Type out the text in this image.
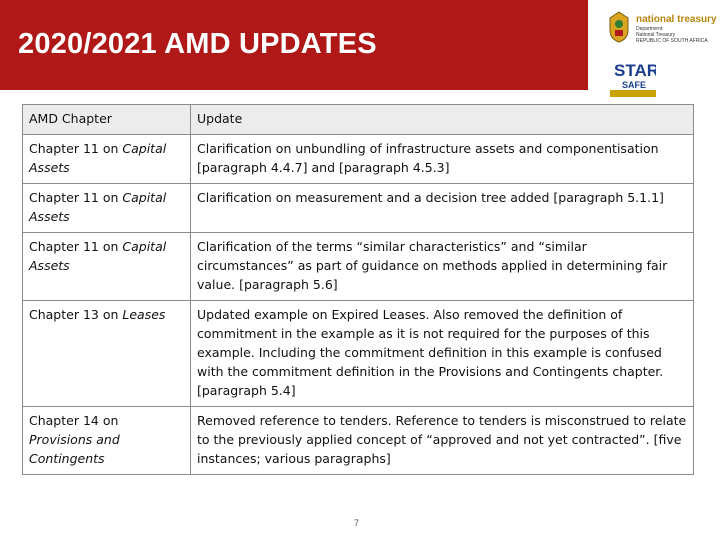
2020/2021 AMD UPDATES
national treasury
Department:
National Treasury
REPUBLIC OF SOUTH AFRICA
STAR
SAFE
AMD Chapter	Update
Chapter 11 on Capital Assets	Clarification on unbundling of infrastructure assets and componentisation [paragraph 4.4.7] and [paragraph 4.5.3]
Chapter 11 on Capital Assets	Clarification on measurement and a decision tree added [paragraph 5.1.1]
Chapter 11 on Capital Assets	Clarification of the terms “similar characteristics” and “similar circumstances” as part of guidance on methods applied in determining fair value. [paragraph 5.6]
Chapter 13 on Leases	Updated example on Expired Leases. Also removed the definition of commitment in the example as it is not required for the purposes of this example. Including the commitment definition in this example is confused with the commitment definition in the Provisions and Contingents chapter. [paragraph 5.4]
Chapter 14 on Provisions and Contingents	Removed reference to tenders. Reference to tenders is misconstrued to relate to the previously applied concept of “approved and not yet contracted”. [five instances; various paragraphs]
7
